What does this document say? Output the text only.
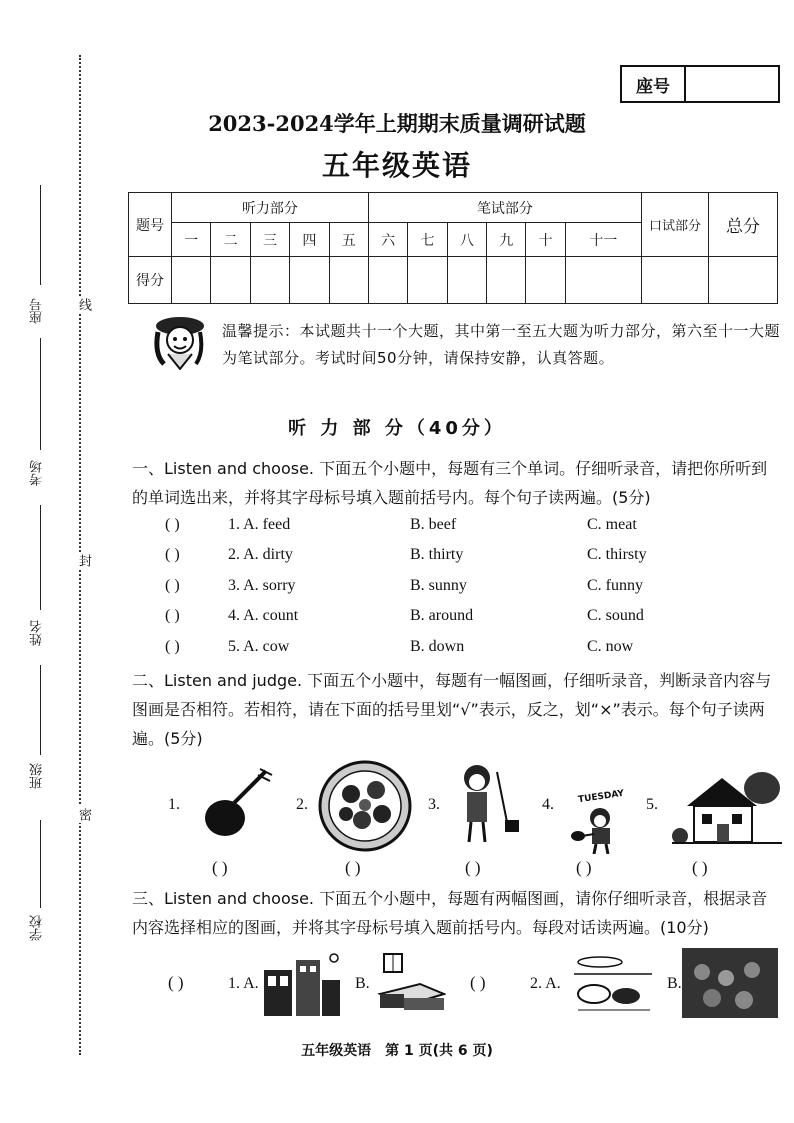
座号
考场
姓名
班级
学校
线
封
密
座号
2023-2024学年上期期末质量调研试题
五年级英语
题号	听力部分					笔试部分						口试部分	总分
	一	二	三	四	五	六	七	八	九	十	十一		
得分													
温馨提示：本试题共十一个大题，其中第一至五大题为听力部分，第六至十一大题为笔试部分。考试时间50分钟，请保持安静，认真答题。
听 力 部 分（40分）
一、Listen and choose. 下面五个小题中，每题有三个单词。仔细听录音，请把你所听到的单词选出来，并将其字母标号填入题前括号内。每个句子读两遍。(5分)
( )	1. A. feed	B. beef	C. meat
( )	2. A. dirty	B. thirty	C. thirsty
( )	3. A. sorry	B. sunny	C. funny
( )	4. A. count	B. around	C. sound
( )	5. A. cow	B. down	C. now
二、Listen and judge. 下面五个小题中，每题有一幅图画，仔细听录音，判断录音内容与图画是否相符。若相符，请在下面的括号里划“√”表示，反之，划“×”表示。每个句子读两遍。(5分)
1.	2.	3.	4.	TUESDAY 5.
( )	( )	( )	( )	( )
三、Listen and choose. 下面五个小题中，每题有两幅图画，请你仔细听录音，根据录音内容选择相应的图画，并将其字母标号填入题前括号内。每段对话读两遍。(10分)
( )	1. A.	B.	( )	2. A.	B.
五年级英语　第 1 页(共 6 页)
